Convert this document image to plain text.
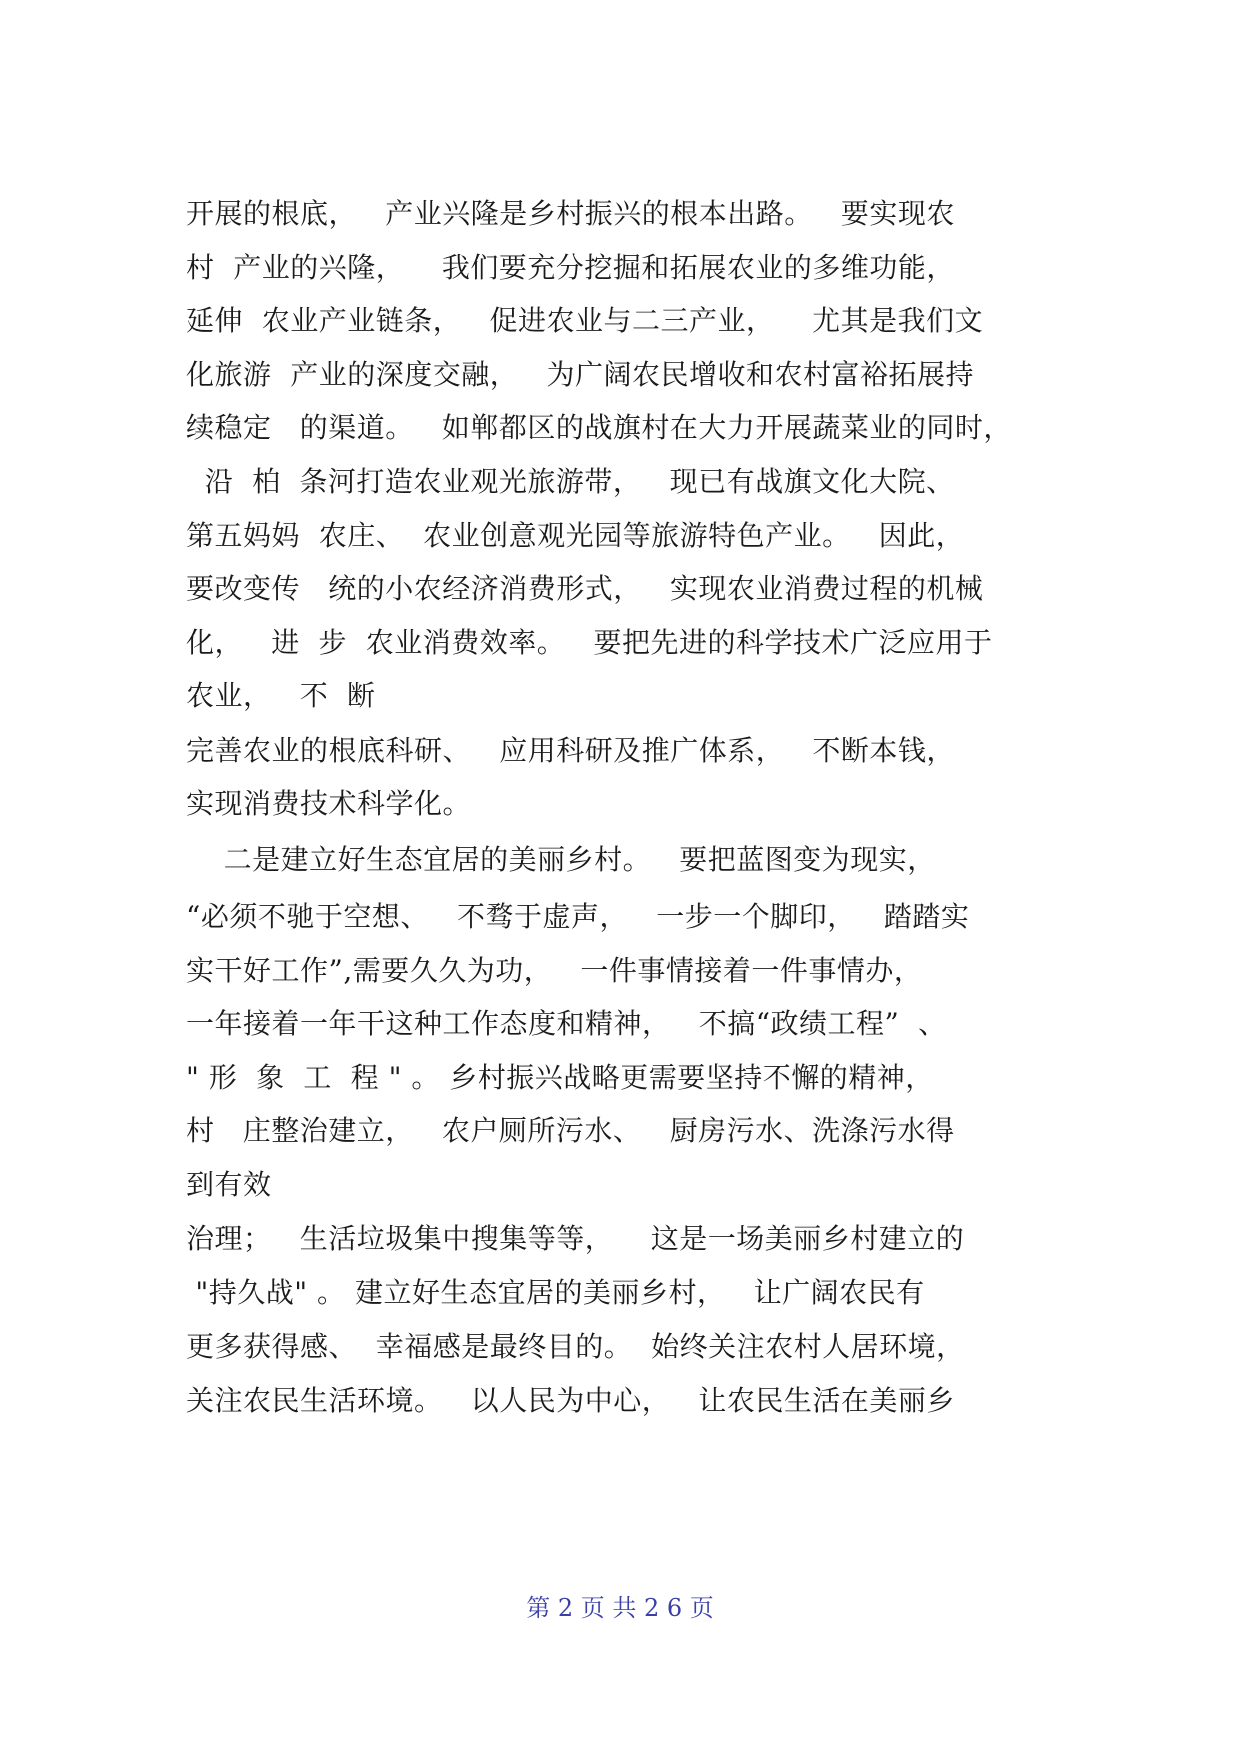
开展的根底，   产业兴隆是乡村振兴的根本出路。   要实现农
村  产业的兴隆，    我们要充分挖掘和拓展农业的多维功能，
延伸  农业产业链条，   促进农业与二三产业，    尤其是我们文
化旅游  产业的深度交融，   为广阔农民增收和农村富裕拓展持
续稳定   的渠道。   如郸都区的战旗村在大力开展蔬菜业的同时，
沿  柏  条河打造农业观光旅游带，   现已有战旗文化大院、
第五妈妈  农庄、  农业创意观光园等旅游特色产业。   因此，
要改变传   统的小农经济消费形式，   实现农业消费过程的机械
化，   进  步  农业消费效率。   要把先进的科学技术广泛应用于
农业，   不  断
完善农业的根底科研、   应用科研及推广体系，   不断本钱，
实现消费技术科学化。
二是建立好生态宜居的美丽乡村。   要把蓝图变为现实，
“必须不驰于空想、   不骛于虚声，   一步一个脚印，   踏踏实
实干好工作”,需要久久为功，   一件事情接着一件事情办，
一年接着一年干这种工作态度和精神，   不搞“政绩工程”  、
" 形  象  工  程 " 。 乡村振兴战略更需要坚持不懈的精神，
村   庄整治建立，   农户厕所污水、   厨房污水、洗涤污水得
到有效
治理；   生活垃圾集中搜集等等，    这是一场美丽乡村建立的
"持久战" 。 建立好生态宜居的美丽乡村，   让广阔农民有
更多获得感、  幸福感是最终目的。  始终关注农村人居环境，
关注农民生活环境。   以人民为中心，   让农民生活在美丽乡
第 2 页 共 2 6 页
